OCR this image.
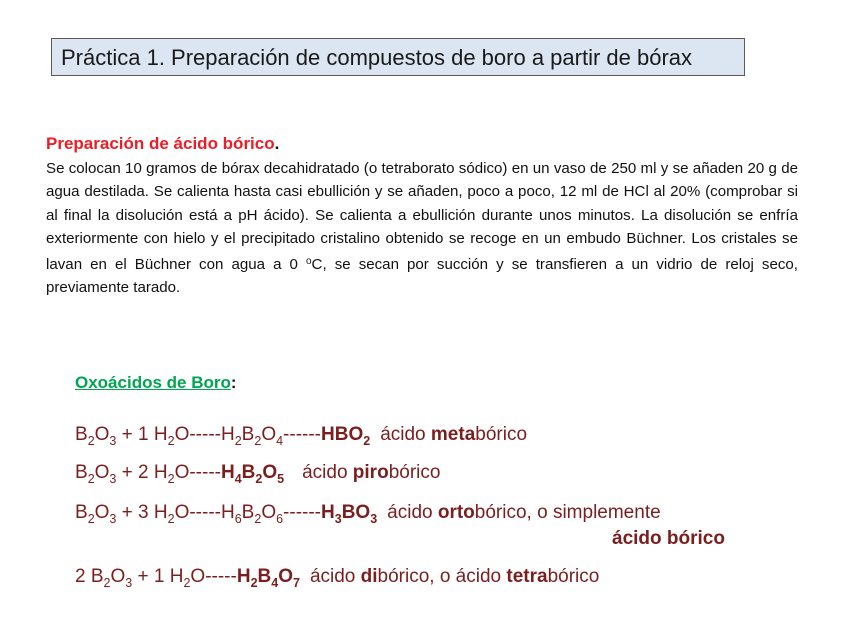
Práctica 1. Preparación de compuestos de boro a partir de bórax
Preparación de ácido bórico.
Se colocan 10 gramos de bórax decahidratado (o tetraborato sódico) en un vaso de 250 ml y se añaden 20 g de agua destilada. Se calienta hasta casi ebullición y se añaden, poco a poco, 12 ml de HCl al 20% (comprobar si al final la disolución está a pH ácido). Se calienta a ebullición durante unos minutos. La disolución se enfría exteriormente con hielo y el precipitado cristalino obtenido se recoge en un embudo Büchner. Los cristales se lavan en el Büchner con agua a 0 $^o$C, se secan por succión y se transfieren a un vidrio de reloj seco, previamente tarado.
Oxoácidos de Boro:
$B_2O_3 + 1$ $H_2O-----H_2B_2O_4------HBO_2$ ácido metabórico
$B_2O_3 + 2$ $H_2O-----H_4B_2O_5$ ácido pirobórico
$B_2O_3 + 3$ $H_2O-----H_6B_2O_6------H_3BO_3$ ácido ortobórico, o simplemente
ácido bórico
2 $B_2O_3 + 1$ $H_2O-----H_2B_4O_7$ ácido dibórico, o ácido tetrabórico
